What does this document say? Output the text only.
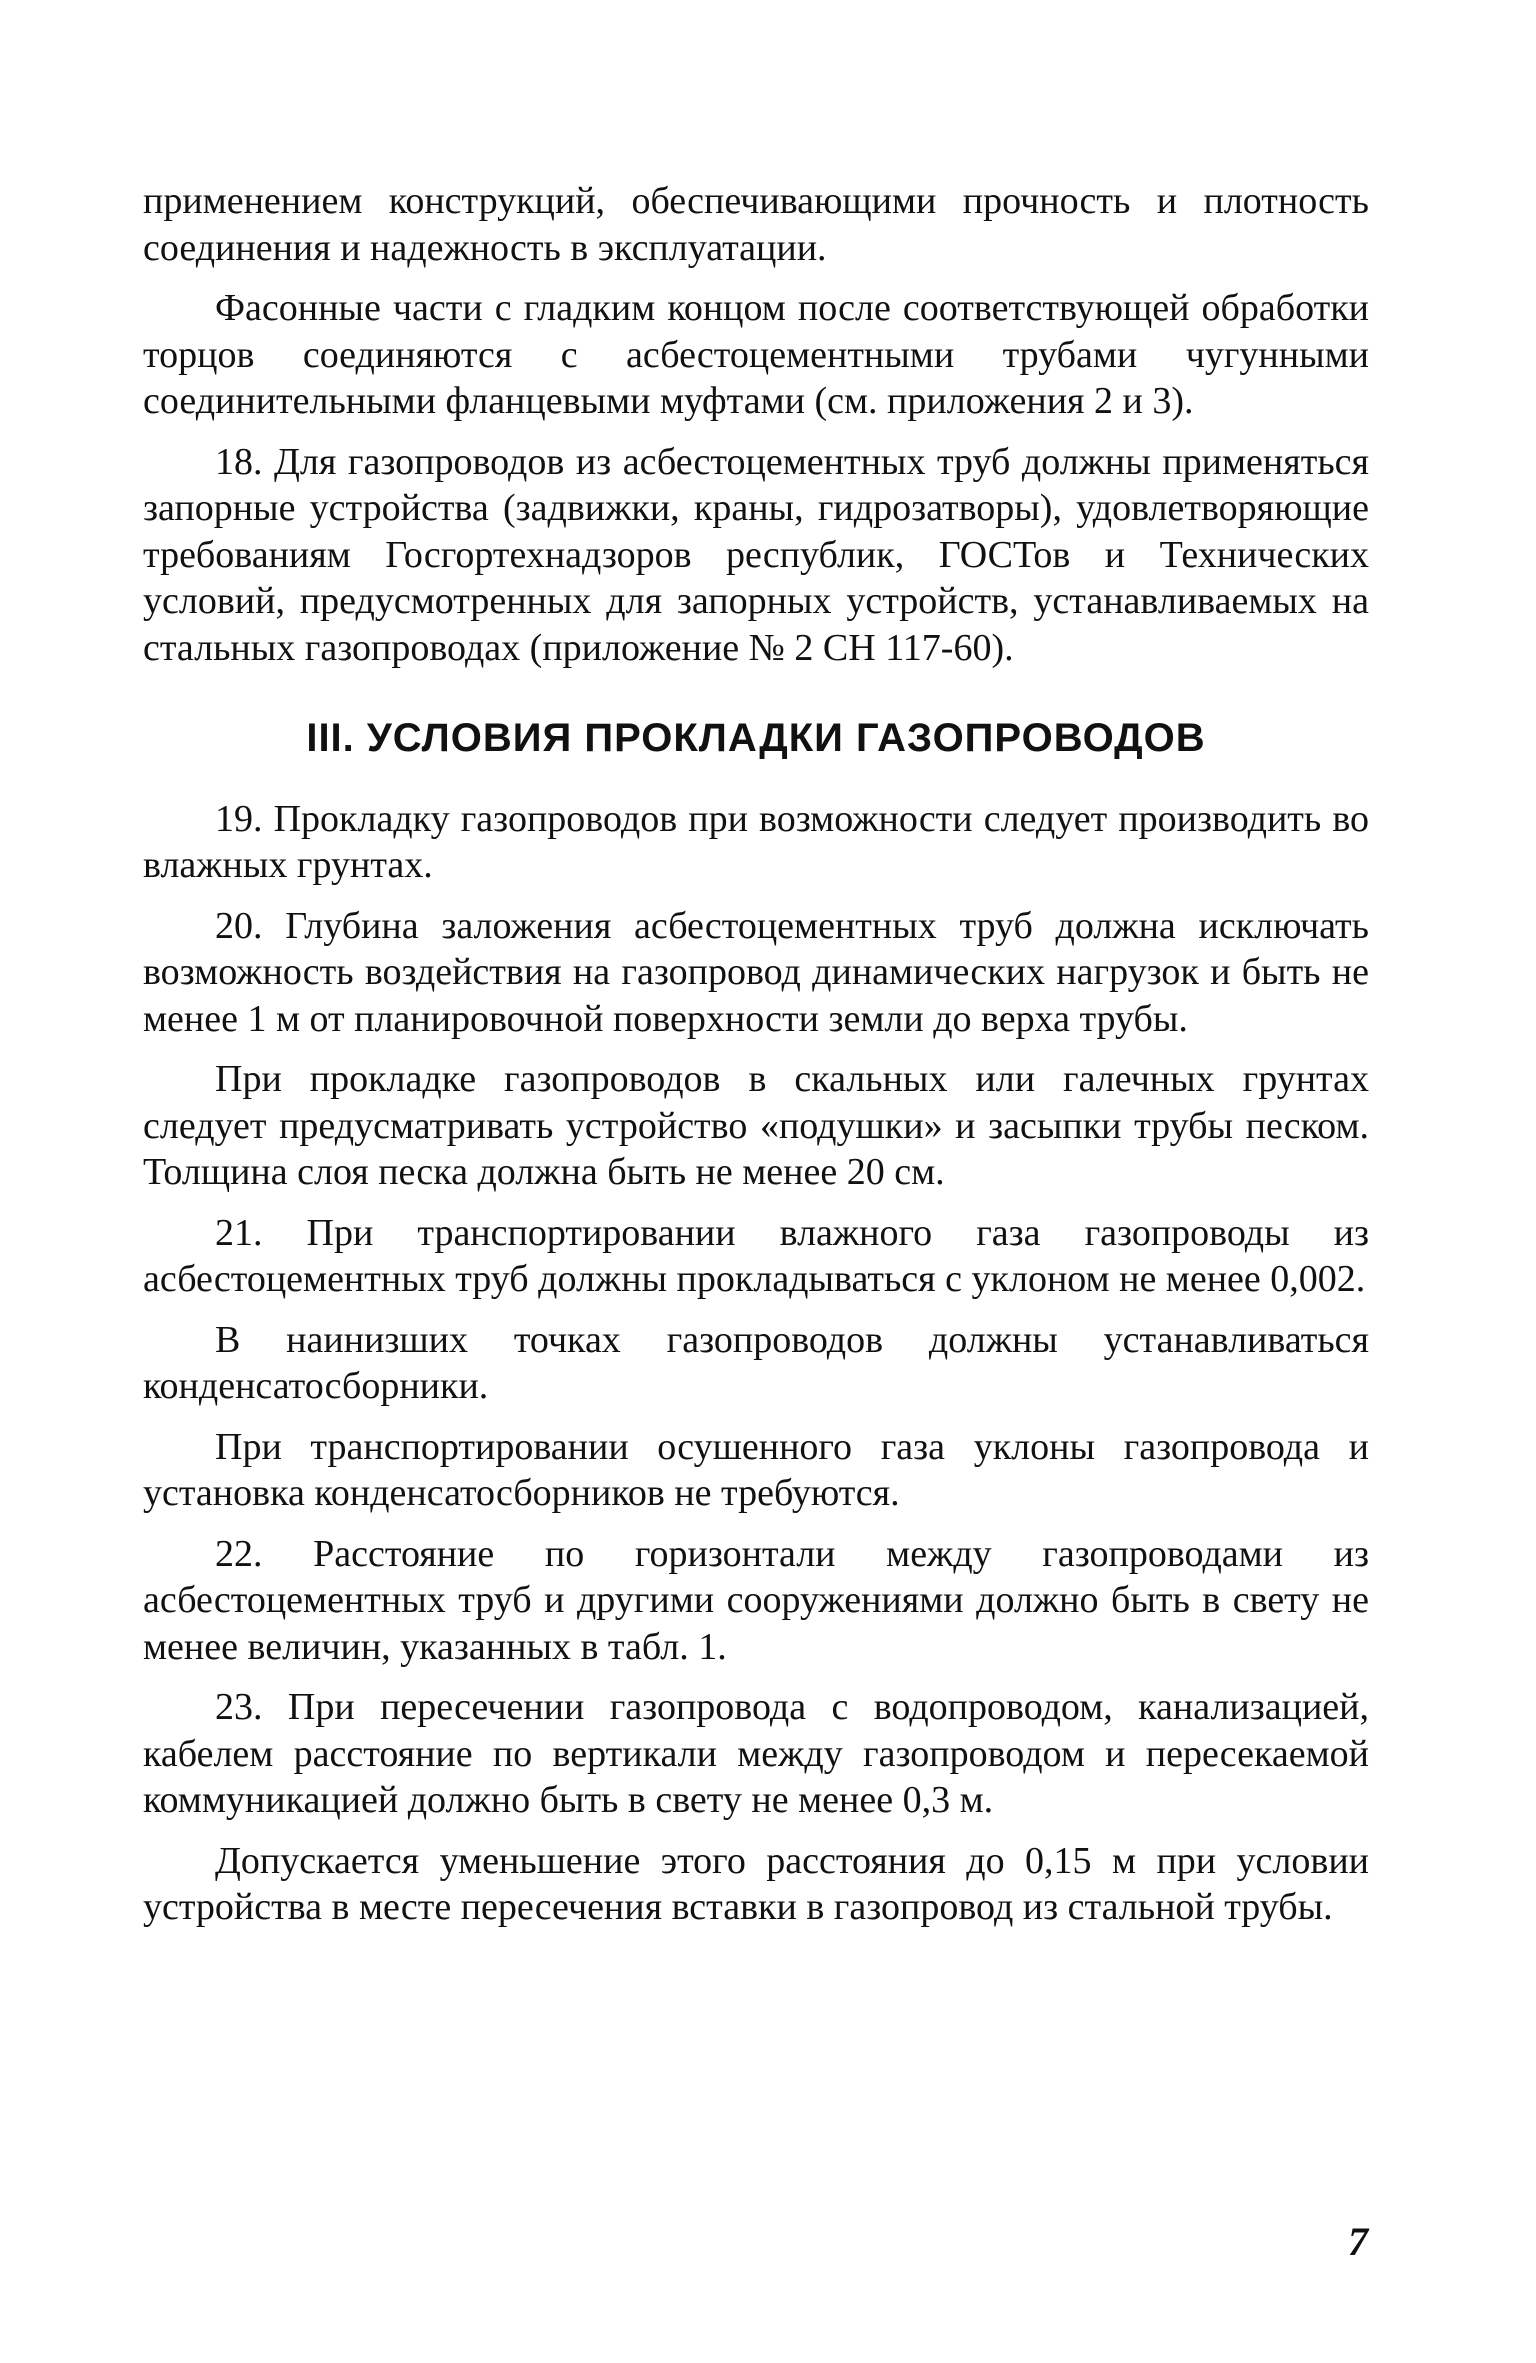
применением конструкций, обеспечивающими прочность и плотность соединения и надежность в эксплуатации.

Фасонные части с гладким концом после соответствующей обработки торцов соединяются с асбестоцементными трубами чугунными соединительными фланцевыми муфтами (см. приложения 2 и 3).

18. Для газопроводов из асбестоцементных труб должны применяться запорные устройства (задвижки, краны, гидрозатворы), удовлетворяющие требованиям Госгортехнадзоров республик, ГОСТов и Технических условий, предусмотренных для запорных устройств, устанавливаемых на стальных газопроводах (приложение № 2 СН 117-60).

III. УСЛОВИЯ ПРОКЛАДКИ ГАЗОПРОВОДОВ

19. Прокладку газопроводов при возможности следует производить во влажных грунтах.

20. Глубина заложения асбестоцементных труб должна исключать возможность воздействия на газопровод динамических нагрузок и быть не менее 1 м от планировочной поверхности земли до верха трубы.

При прокладке газопроводов в скальных или галечных грунтах следует предусматривать устройство «подушки» и засыпки трубы песком. Толщина слоя песка должна быть не менее 20 см.

21. При транспортировании влажного газа газопроводы из асбестоцементных труб должны прокладываться с уклоном не менее 0,002.

В наинизших точках газопроводов должны устанавливаться конденсатосборники.

При транспортировании осушенного газа уклоны газопровода и установка конденсатосборников не требуются.

22. Расстояние по горизонтали между газопроводами из асбестоцементных труб и другими сооружениями должно быть в свету не менее величин, указанных в табл. 1.

23. При пересечении газопровода с водопроводом, канализацией, кабелем расстояние по вертикали между газопроводом и пересекаемой коммуникацией должно быть в свету не менее 0,3 м.

Допускается уменьшение этого расстояния до 0,15 м при условии устройства в месте пересечения вставки в газопровод из стальной трубы.

7
